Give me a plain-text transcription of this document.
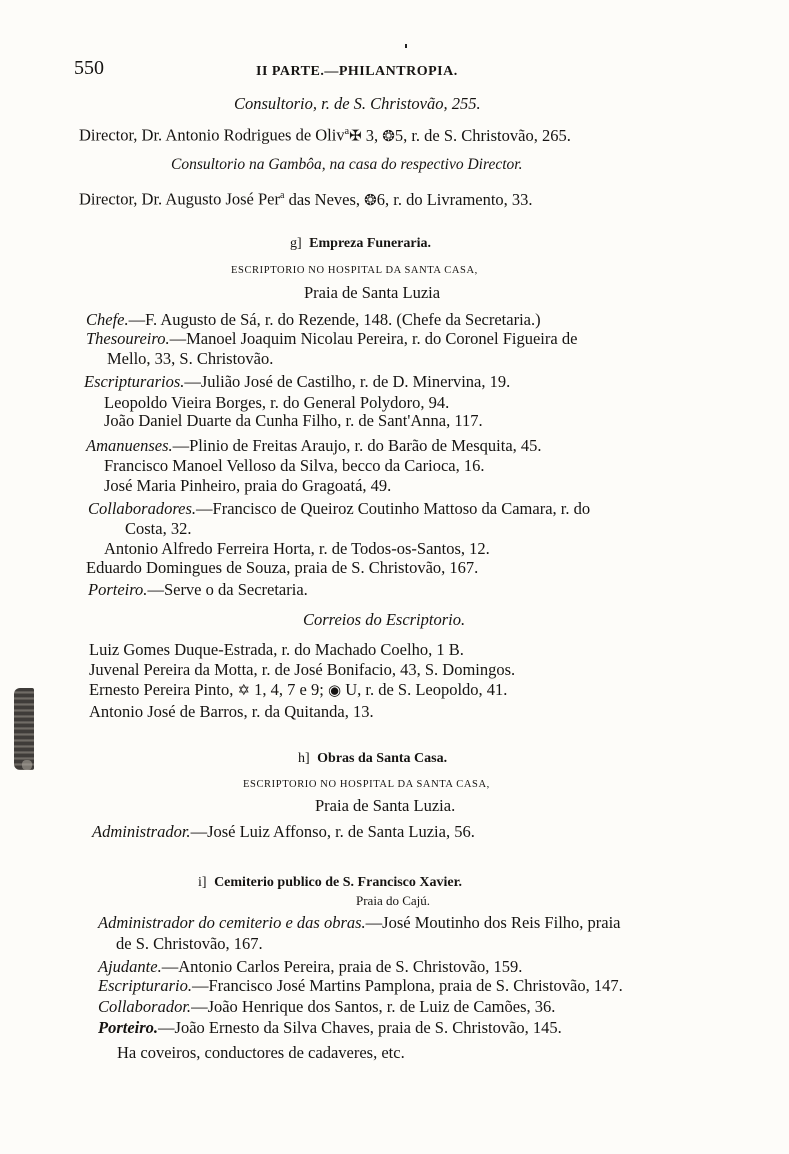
550	II PARTE.—PHILANTROPIA.
Consultorio, r. de S. Christovão, 255.
Director, Dr. Antonio Rodrigues de Oliv$^a$✠ 3, ❂5, r. de S. Christovão, 265.
Consultorio na Gambôa, na casa do respectivo Director.
Director, Dr. Augusto José Per$^a$ das Neves, ❂6, r. do Livramento, 33.
g] Empreza Funeraria.
ESCRIPTORIO NO HOSPITAL DA SANTA CASA,
Praia de Santa Luzia
Chefe.—F. Augusto de Sá, r. do Rezende, 148. (Chefe da Secretaria.)
Thesoureiro.—Manoel Joaquim Nicolau Pereira, r. do Coronel Figueira de
Mello, 33, S. Christovão.
Escripturarios.—Julião José de Castilho, r. de D. Minervina, 19.
Leopoldo Vieira Borges, r. do General Polydoro, 94.
João Daniel Duarte da Cunha Filho, r. de Sant'Anna, 117.
Amanuenses.—Plinio de Freitas Araujo, r. do Barão de Mesquita, 45.
Francisco Manoel Velloso da Silva, becco da Carioca, 16.
José Maria Pinheiro, praia do Gragoatá, 49.
Collaboradores.—Francisco de Queiroz Coutinho Mattoso da Camara, r. do
Costa, 32.
Antonio Alfredo Ferreira Horta, r. de Todos-os-Santos, 12.
Eduardo Domingues de Souza, praia de S. Christovão, 167.
Porteiro.—Serve o da Secretaria.
Correios do Escriptorio.
Luiz Gomes Duque-Estrada, r. do Machado Coelho, 1 B.
Juvenal Pereira da Motta, r. de José Bonifacio, 43, S. Domingos.
Ernesto Pereira Pinto, ✡ 1, 4, 7 e 9; ◉ U, r. de S. Leopoldo, 41.
Antonio José de Barros, r. da Quitanda, 13.
h] Obras da Santa Casa.
ESCRIPTORIO NO HOSPITAL DA SANTA CASA,
Praia de Santa Luzia.
Administrador.—José Luiz Affonso, r. de Santa Luzia, 56.
i] Cemiterio publico de S. Francisco Xavier.
Praia do Cajú.
Administrador do cemiterio e das obras.—José Moutinho dos Reis Filho, praia
de S. Christovão, 167.
Ajudante.—Antonio Carlos Pereira, praia de S. Christovão, 159.
Escripturario.—Francisco José Martins Pamplona, praia de S. Christovão, 147.
Collaborador.—João Henrique dos Santos, r. de Luiz de Camões, 36.
Porteiro.—João Ernesto da Silva Chaves, praia de S. Christovão, 145.
Ha coveiros, conductores de cadaveres, etc.
